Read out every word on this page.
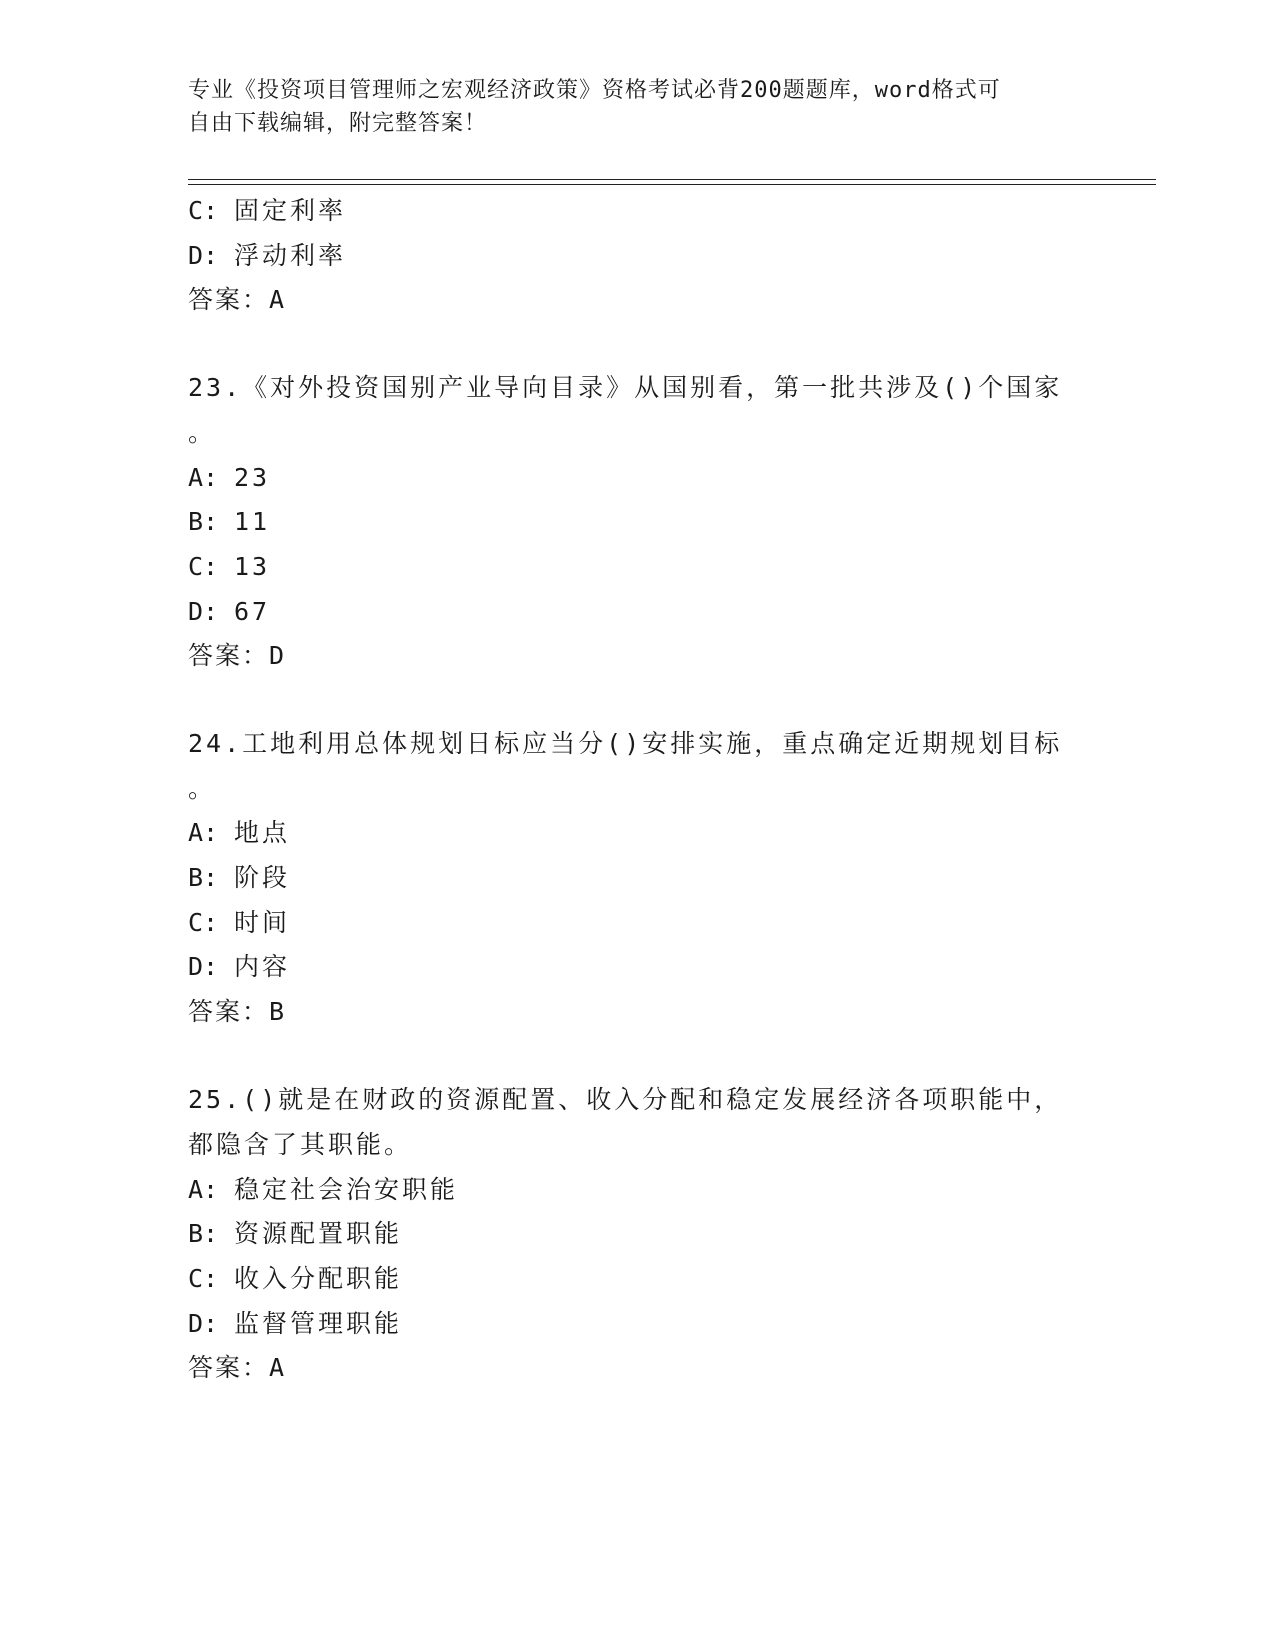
专业《投资项目管理师之宏观经济政策》资格考试必背200题题库，word格式可
自由下载编辑，附完整答案！
C: 固定利率
D: 浮动利率
答案：A
23.《对外投资国别产业导向目录》从国别看，第一批共涉及()个国家
。
A: 23
B: 11
C: 13
D: 67
答案：D
24.工地利用总体规划日标应当分()安排实施，重点确定近期规划目标
。
A: 地点
B: 阶段
C: 时间
D: 内容
答案：B
25.()就是在财政的资源配置、收入分配和稳定发展经济各项职能中，
都隐含了其职能。
A: 稳定社会治安职能
B: 资源配置职能
C: 收入分配职能
D: 监督管理职能
答案：A
